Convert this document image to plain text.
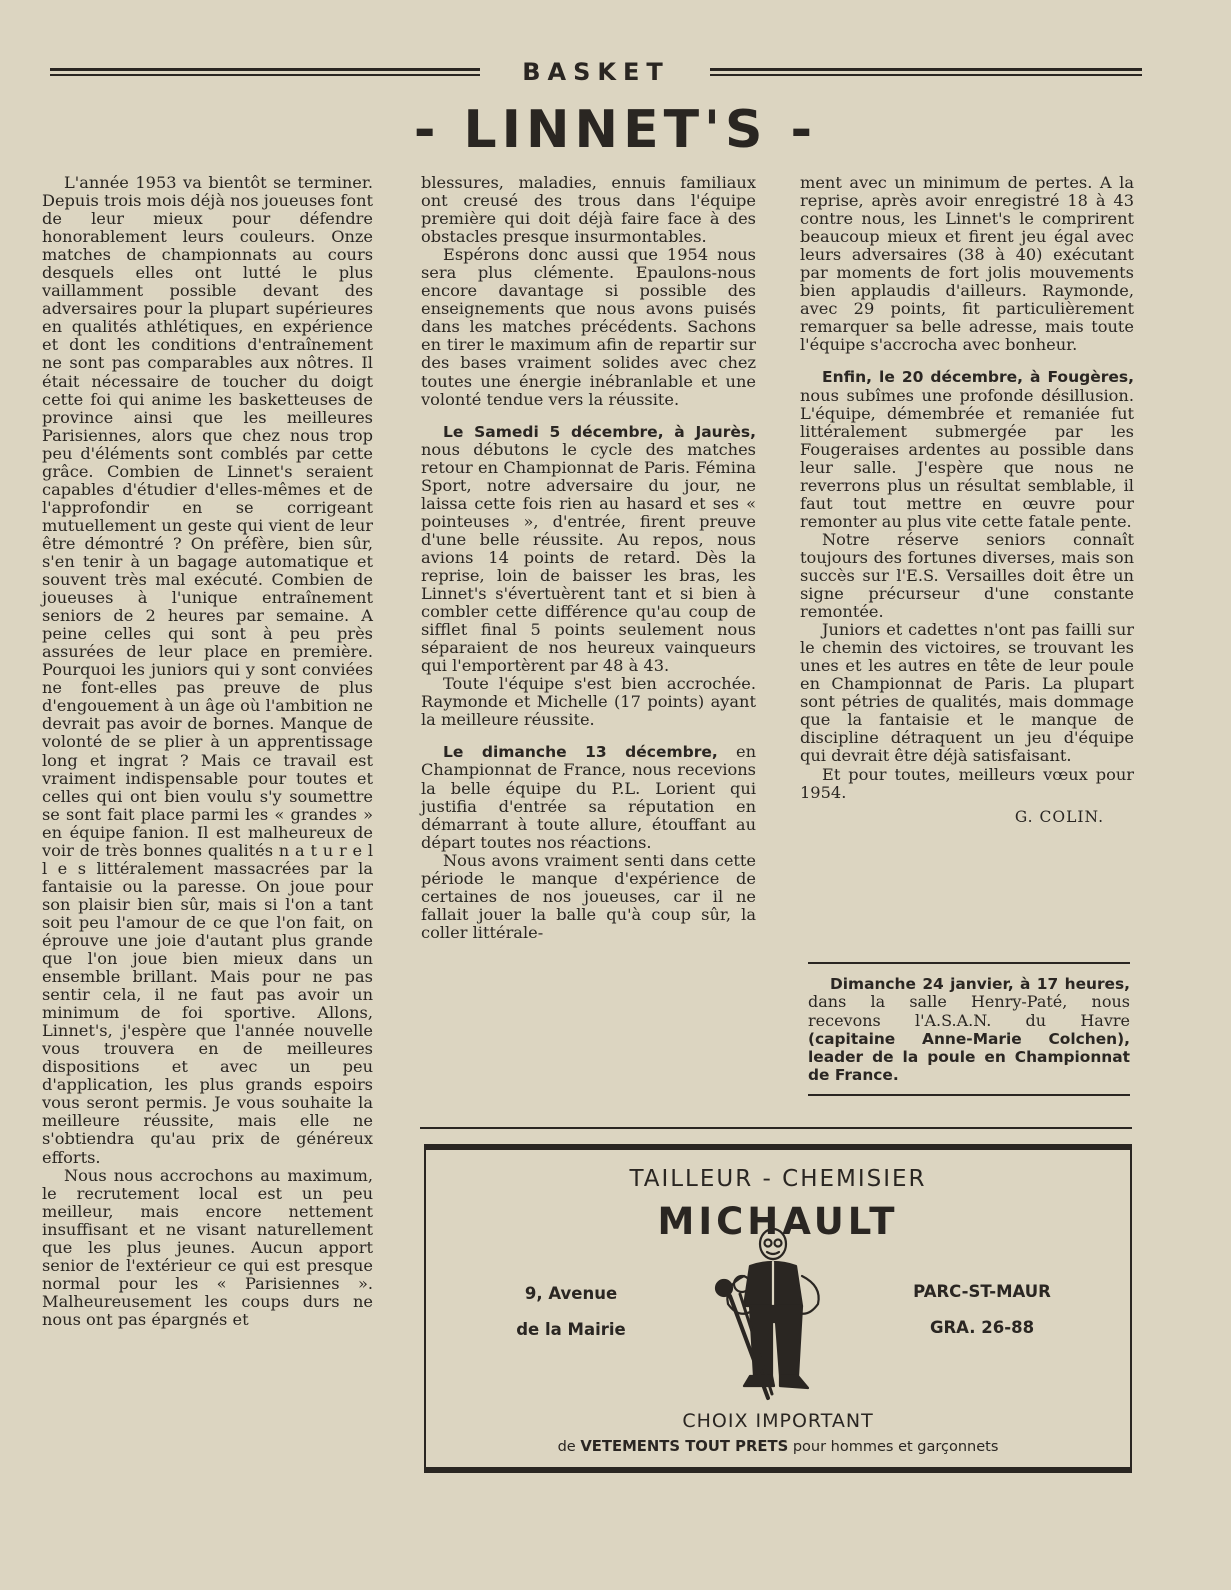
BASKET
- LINNET'S -

L'année 1953 va bientôt se terminer. Depuis trois mois déjà nos joueuses font de leur mieux pour défendre honorablement leurs couleurs. Onze matches de championnats au cours desquels elles ont lutté le plus vaillamment possible devant des adversaires pour la plupart supérieures en qualités athlétiques, en expérience et dont les conditions d'entraînement ne sont pas comparables aux nôtres. Il était nécessaire de toucher du doigt cette foi qui anime les basketteuses de province ainsi que les meilleures Parisiennes, alors que chez nous trop peu d'éléments sont comblés par cette grâce. Combien de Linnet's seraient capables d'étudier d'elles-mêmes et de l'approfondir en se corrigeant mutuellement un geste qui vient de leur être démontré ? On préfère, bien sûr, s'en tenir à un bagage automatique et souvent très mal exécuté. Combien de joueuses à l'unique entraînement seniors de 2 heures par semaine. A peine celles qui sont à peu près assurées de leur place en première. Pourquoi les juniors qui y sont conviées ne font-elles pas preuve de plus d'engouement à un âge où l'ambition ne devrait pas avoir de bornes. Manque de volonté de se plier à un apprentissage long et ingrat ? Mais ce travail est vraiment indispensable pour toutes et celles qui ont bien voulu s'y soumettre se sont fait place parmi les « grandes » en équipe fanion. Il est malheureux de voir de très bonnes qualités n a t u r e l l e s littéralement massacrées par la fantaisie ou la paresse. On joue pour son plaisir bien sûr, mais si l'on a tant soit peu l'amour de ce que l'on fait, on éprouve une joie d'autant plus grande que l'on joue bien mieux dans un ensemble brillant. Mais pour ne pas sentir cela, il ne faut pas avoir un minimum de foi sportive. Allons, Linnet's, j'espère que l'année nouvelle vous trouvera en de meilleures dispositions et avec un peu d'application, les plus grands espoirs vous seront permis. Je vous souhaite la meilleure réussite, mais elle ne s'obtiendra qu'au prix de généreux efforts.

Nous nous accrochons au maximum, le recrutement local est un peu meilleur, mais encore nettement insuffisant et ne visant naturellement que les plus jeunes. Aucun apport senior de l'extérieur ce qui est presque normal pour les « Parisiennes ». Malheureusement les coups durs ne nous ont pas épargnés et

blessures, maladies, ennuis familiaux ont creusé des trous dans l'équipe première qui doit déjà faire face à des obstacles presque insurmontables.

Espérons donc aussi que 1954 nous sera plus clémente. Epaulons-nous encore davantage si possible des enseignements que nous avons puisés dans les matches précédents. Sachons en tirer le maximum afin de repartir sur des bases vraiment solides avec chez toutes une énergie inébranlable et une volonté tendue vers la réussite.

Le Samedi 5 décembre, à Jaurès, nous débutons le cycle des matches retour en Championnat de Paris. Fémina Sport, notre adversaire du jour, ne laissa cette fois rien au hasard et ses « pointeuses », d'entrée, firent preuve d'une belle réussite. Au repos, nous avions 14 points de retard. Dès la reprise, loin de baisser les bras, les Linnet's s'évertuèrent tant et si bien à combler cette différence qu'au coup de sifflet final 5 points seulement nous séparaient de nos heureux vainqueurs qui l'emportèrent par 48 à 43.

Toute l'équipe s'est bien accrochée. Raymonde et Michelle (17 points) ayant la meilleure réussite.

Le dimanche 13 décembre, en Championnat de France, nous recevions la belle équipe du P.L. Lorient qui justifia d'entrée sa réputation en démarrant à toute allure, étouffant au départ toutes nos réactions.

Nous avons vraiment senti dans cette période le manque d'expérience de certaines de nos joueuses, car il ne fallait jouer la balle qu'à coup sûr, la coller littérale-

ment avec un minimum de pertes. A la reprise, après avoir enregistré 18 à 43 contre nous, les Linnet's le comprirent beaucoup mieux et firent jeu égal avec leurs adversaires (38 à 40) exécutant par moments de fort jolis mouvements bien applaudis d'ailleurs. Raymonde, avec 29 points, fit particulièrement remarquer sa belle adresse, mais toute l'équipe s'accrocha avec bonheur.

Enfin, le 20 décembre, à Fougères, nous subîmes une profonde désillusion. L'équipe, démembrée et remaniée fut littéralement submergée par les Fougeraises ardentes au possible dans leur salle. J'espère que nous ne reverrons plus un résultat semblable, il faut tout mettre en œuvre pour remonter au plus vite cette fatale pente.

Notre réserve seniors connaît toujours des fortunes diverses, mais son succès sur l'E.S. Versailles doit être un signe précurseur d'une constante remontée.

Juniors et cadettes n'ont pas failli sur le chemin des victoires, se trouvant les unes et les autres en tête de leur poule en Championnat de Paris. La plupart sont pétries de qualités, mais dommage que la fantaisie et le manque de discipline détraquent un jeu d'équipe qui devrait être déjà satisfaisant.

Et pour toutes, meilleurs vœux pour 1954.

G. COLIN.

Dimanche 24 janvier, à 17 heures, dans la salle Henry-Paté, nous recevons l'A.S.A.N. du Havre (capitaine Anne-Marie Colchen), leader de la poule en Championnat de France.
TAILLEUR - CHEMISIER
MICHAULT
9, Avenue
de la Mairie
PARC-ST-MAUR
GRA. 26-88
CHOIX IMPORTANT
de VETEMENTS TOUT PRETS pour hommes et garçonnets
